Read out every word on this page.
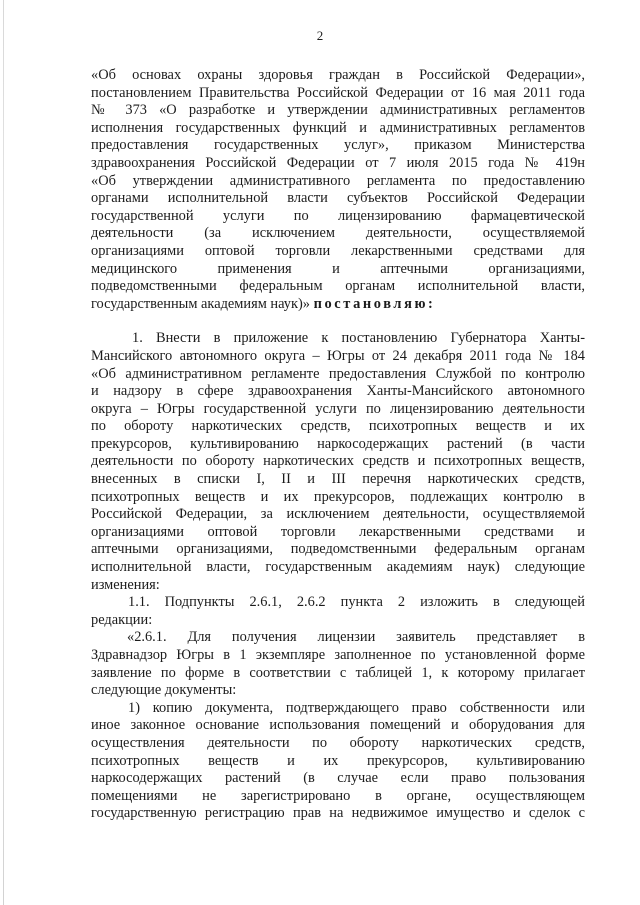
2
«Об основах охраны здоровья граждан в Российской Федерации»,
постановлением Правительства Российской Федерации от 16 мая 2011 года
№ 373 «О разработке и утверждении административных регламентов
исполнения государственных функций и административных регламентов
предоставления государственных услуг», приказом Министерства
здравоохранения Российской Федерации от 7 июля 2015 года № 419н
«Об утверждении административного регламента по предоставлению
органами исполнительной власти субъектов Российской Федерации
государственной услуги по лицензированию фармацевтической
деятельности (за исключением деятельности, осуществляемой
организациями оптовой торговли лекарственными средствами для
медицинского применения и аптечными организациями,
подведомственными федеральным органам исполнительной власти,
государственным академиям наук)» постановляю:
1. Внести в приложение к постановлению Губернатора Ханты-
Мансийского автономного округа – Югры от 24 декабря 2011 года № 184
«Об административном регламенте предоставления Службой по контролю
и надзору в сфере здравоохранения Ханты-Мансийского автономного
округа – Югры государственной услуги по лицензированию деятельности
по обороту наркотических средств, психотропных веществ и их
прекурсоров, культивированию наркосодержащих растений (в части
деятельности по обороту наркотических средств и психотропных веществ,
внесенных в списки I, II и III перечня наркотических средств,
психотропных веществ и их прекурсоров, подлежащих контролю в
Российской Федерации, за исключением деятельности, осуществляемой
организациями оптовой торговли лекарственными средствами и
аптечными организациями, подведомственными федеральным органам
исполнительной власти, государственным академиям наук) следующие
изменения:
1.1. Подпункты 2.6.1, 2.6.2 пункта 2 изложить в следующей
редакции:
«2.6.1. Для получения лицензии заявитель представляет в
Здравнадзор Югры в 1 экземпляре заполненное по установленной форме
заявление по форме в соответствии с таблицей 1, к которому прилагает
следующие документы:
1) копию документа, подтверждающего право собственности или
иное законное основание использования помещений и оборудования для
осуществления деятельности по обороту наркотических средств,
психотропных веществ и их прекурсоров, культивированию
наркосодержащих растений (в случае если право пользования
помещениями не зарегистрировано в органе, осуществляющем
государственную регистрацию прав на недвижимое имущество и сделок с
